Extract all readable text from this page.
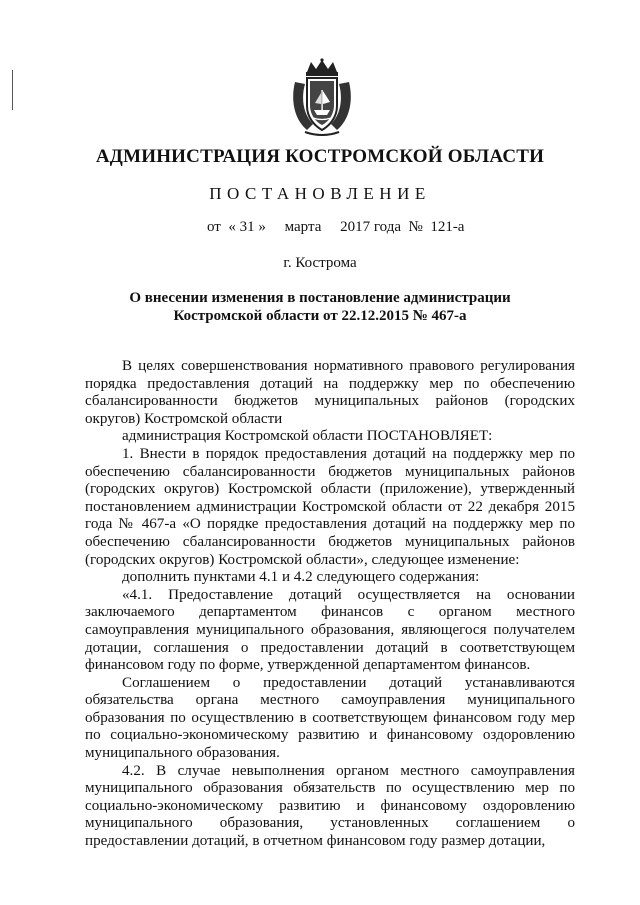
АДМИНИСТРАЦИЯ КОСТРОМСКОЙ ОБЛАСТИ
ПОСТАНОВЛЕНИЕ
от « 31 » марта 2017 года № 121-а
г. Кострома
О внесении изменения в постановление администрации
Костромской области от 22.12.2015 № 467-а

В целях совершенствования нормативного правового регулирования порядка предоставления дотаций на поддержку мер по обеспечению сбалансированности бюджетов муниципальных районов (городских округов) Костромской области

администрация Костромской области ПОСТАНОВЛЯЕТ:

1. Внести в порядок предоставления дотаций на поддержку мер по обеспечению сбалансированности бюджетов муниципальных районов (городских округов) Костромской области (приложение), утвержденный постановлением администрации Костромской области от 22 декабря 2015 года № 467-а «О порядке предоставления дотаций на поддержку мер по обеспечению сбалансированности бюджетов муниципальных районов (городских округов) Костромской области», следующее изменение:

дополнить пунктами 4.1 и 4.2 следующего содержания:

«4.1. Предоставление дотаций осуществляется на основании заключаемого департаментом финансов с органом местного самоуправления муниципального образования, являющегося получателем дотации, соглашения о предоставлении дотаций в соответствующем финансовом году по форме, утвержденной департаментом финансов.

Соглашением о предоставлении дотаций устанавливаются обязательства органа местного самоуправления муниципального образования по осуществлению в соответствующем финансовом году мер по социально-экономическому развитию и финансовому оздоровлению муниципального образования.

4.2. В случае невыполнения органом местного самоуправления муниципального образования обязательств по осуществлению мер по социально-экономическому развитию и финансовому оздоровлению муниципального образования, установленных соглашением о предоставлении дотаций, в отчетном финансовом году размер дотации,
